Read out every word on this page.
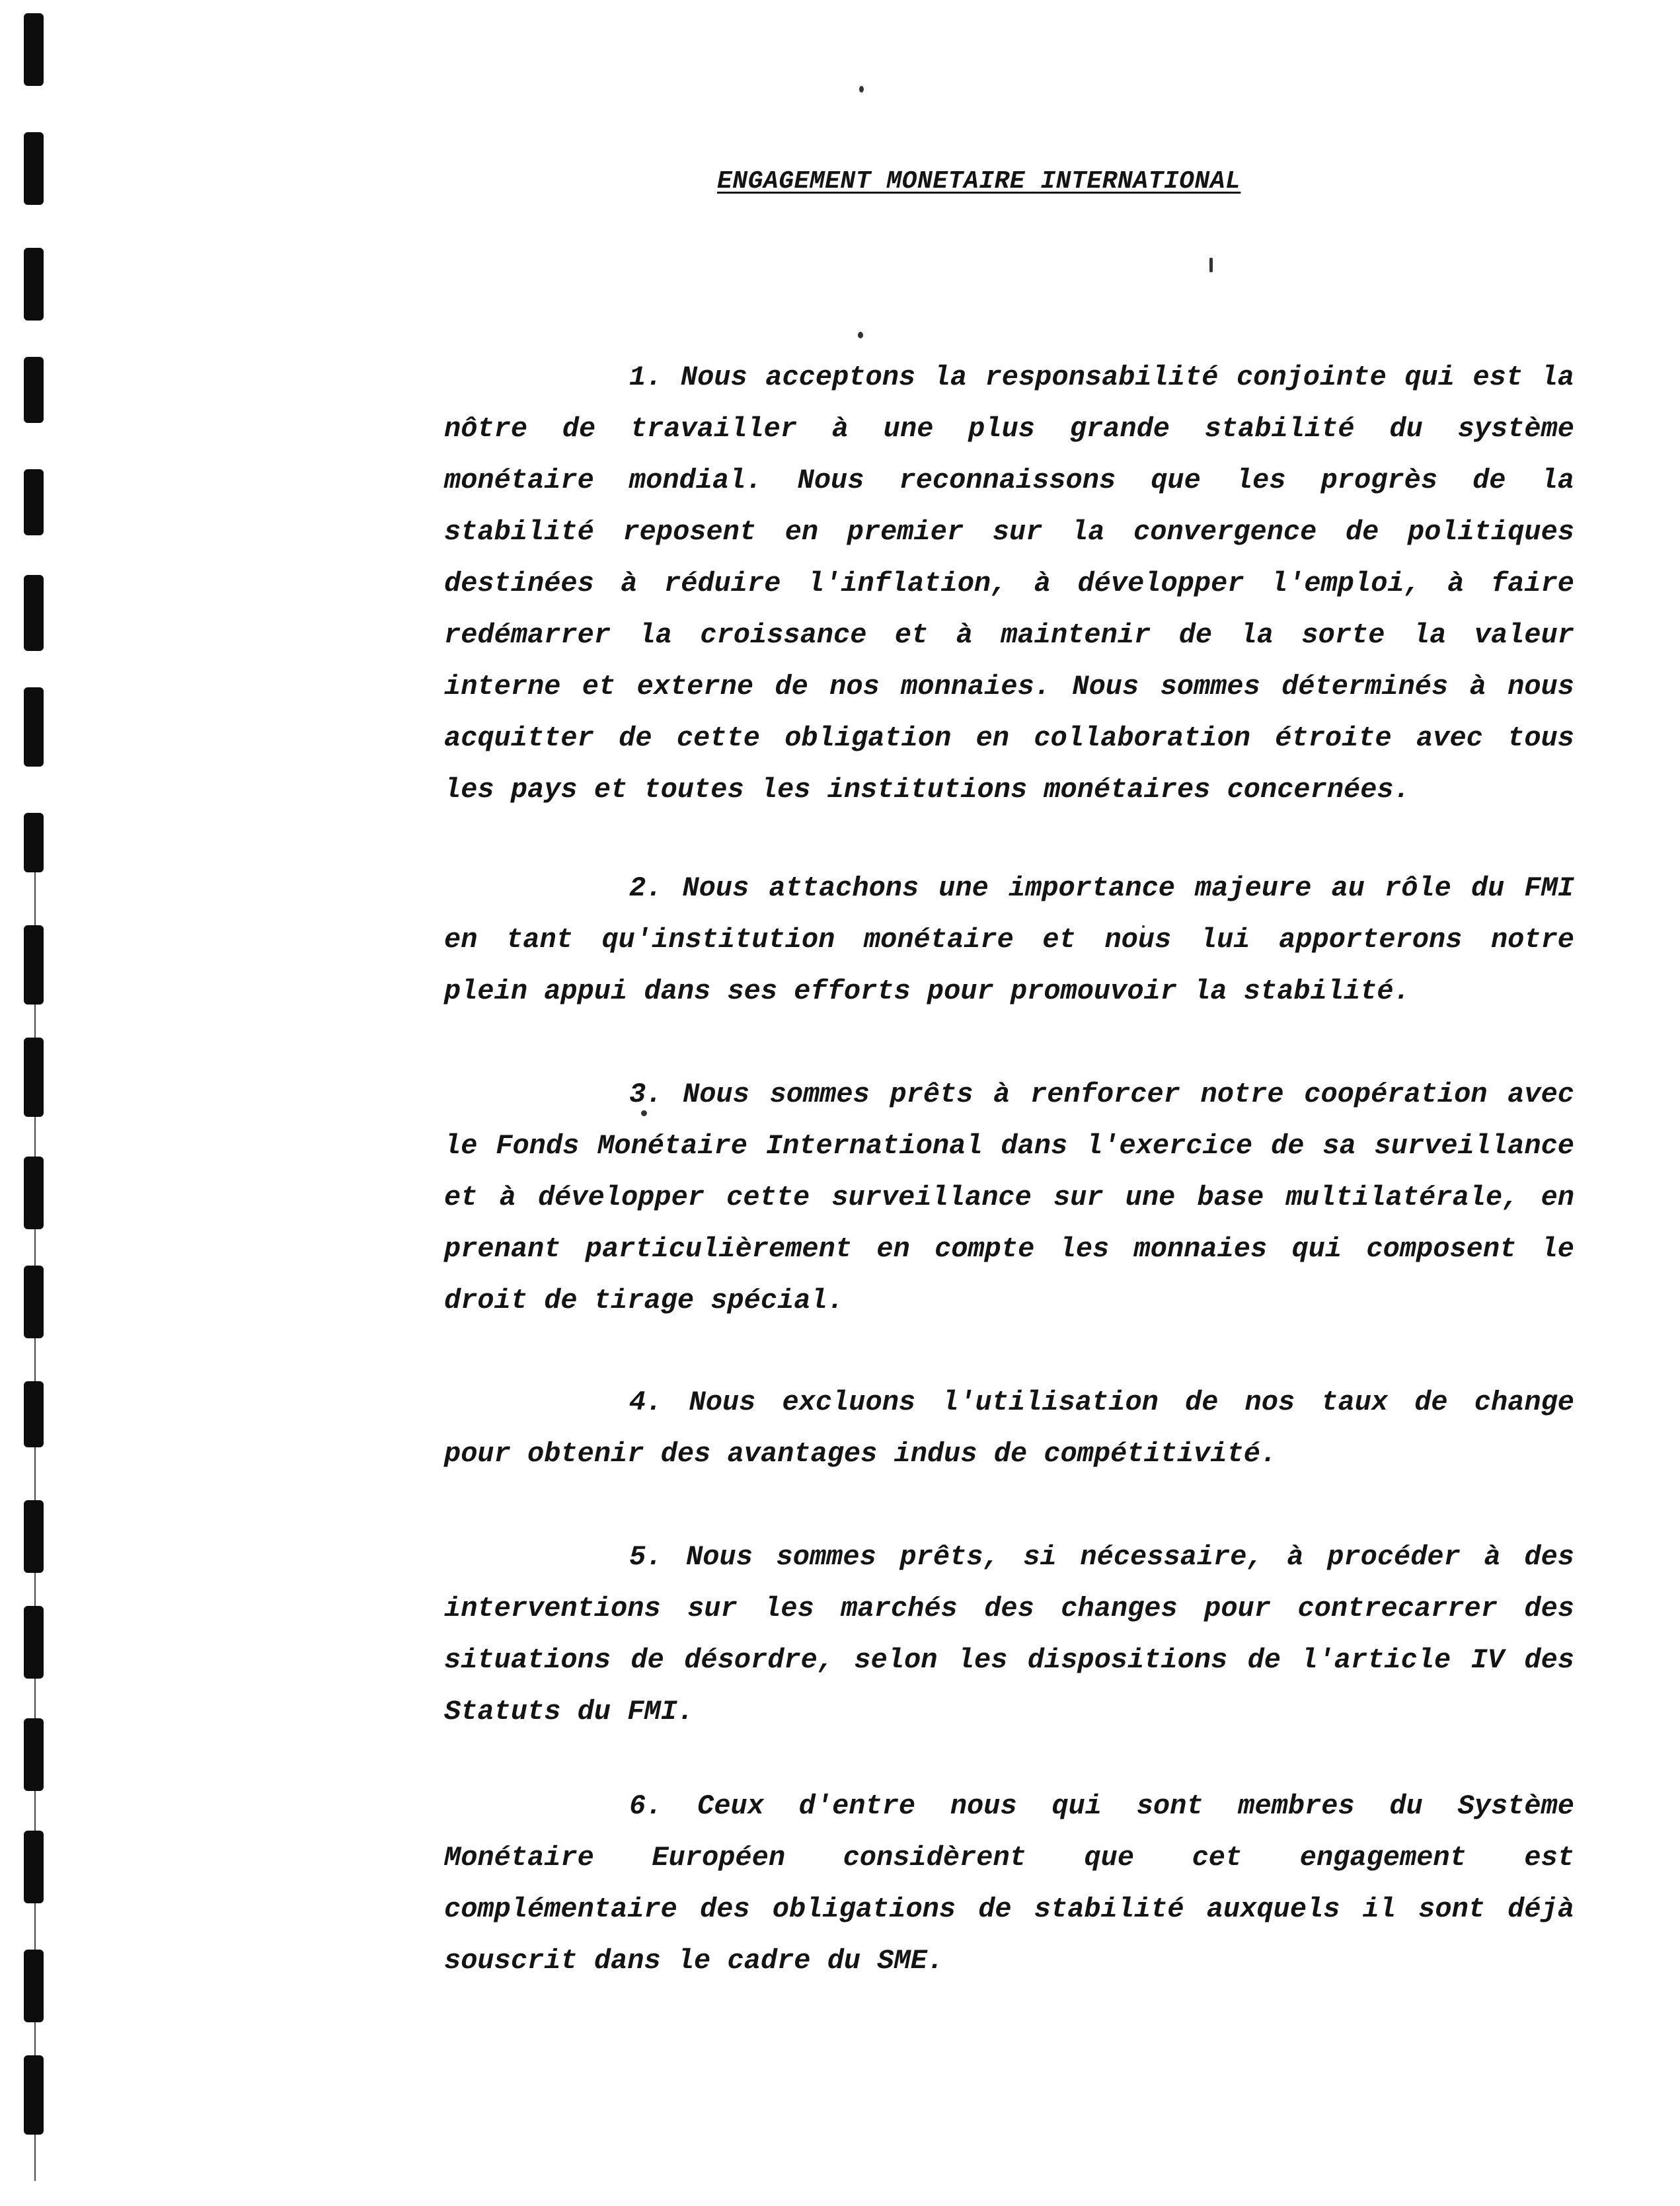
ENGAGEMENT MONETAIRE INTERNATIONAL

1. Nous acceptons la responsabilité conjointe qui est la nôtre de travailler à une plus grande stabilité du système monétaire mondial. Nous reconnaissons que les progrès de la stabilité reposent en premier sur la convergence de politiques destinées à réduire l'inflation, à développer l'emploi, à faire redémarrer la croissance et à maintenir de la sorte la valeur interne et externe de nos monnaies. Nous sommes déterminés à nous acquitter de cette obligation en collaboration étroite avec tous les pays et toutes les institutions monétaires concernées.

2. Nous attachons une importance majeure au rôle du FMI en tant qu'institution monétaire et nous lui apporterons notre plein appui dans ses efforts pour promouvoir la stabilité.

3. Nous sommes prêts à renforcer notre coopération avec le Fonds Monétaire International dans l'exercice de sa surveillance et à développer cette surveillance sur une base multilatérale, en prenant particulièrement en compte les monnaies qui composent le droit de tirage spécial.

4. Nous excluons l'utilisation de nos taux de change pour obtenir des avantages indus de compétitivité.

5. Nous sommes prêts, si nécessaire, à procéder à des interventions sur les marchés des changes pour contrecarrer des situations de désordre, selon les dispositions de l'article IV des Statuts du FMI.

6. Ceux d'entre nous qui sont membres du Système Monétaire Européen considèrent que cet engagement est complémentaire des obligations de stabilité auxquels il sont déjà souscrit dans le cadre du SME.
